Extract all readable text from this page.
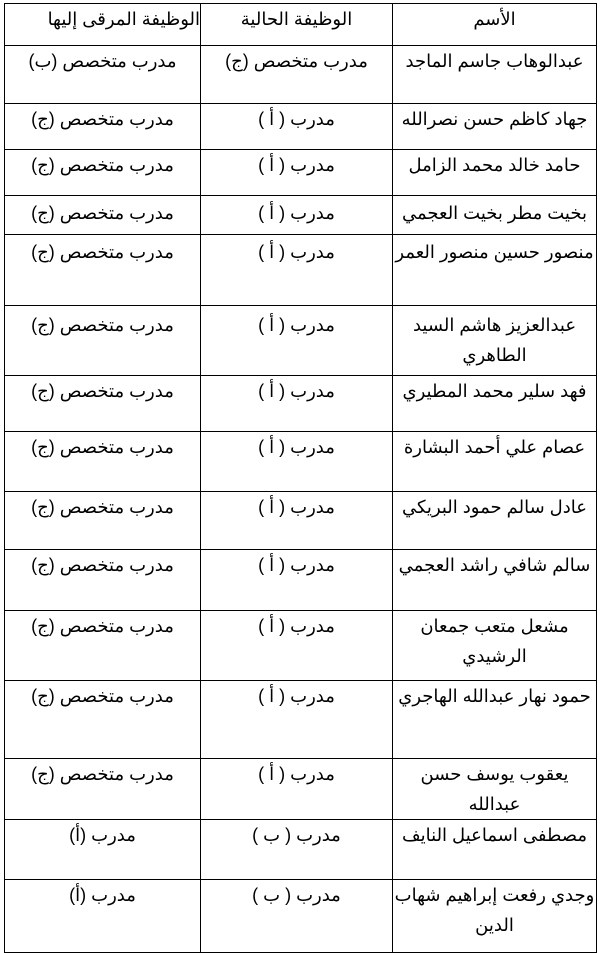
الأسم	الوظيفة الحالية	الوظيفة المرقى إليها
عبدالوهاب جاسم الماجد	مدرب متخصص (ج)	مدرب متخصص (ب)
جهاد كاظم حسن نصرالله	مدرب ( أ )	مدرب متخصص (ج)
حامد خالد محمد الزامل	مدرب ( أ )	مدرب متخصص (ج)
بخيت مطر بخيت العجمي	مدرب ( أ )	مدرب متخصص (ج)
منصور حسين منصور العمر	مدرب ( أ )	مدرب متخصص (ج)
عبدالعزيز هاشم السيد الطاهري	مدرب ( أ )	مدرب متخصص (ج)
فهد سلير محمد المطيري	مدرب ( أ )	مدرب متخصص (ج)
عصام علي أحمد البشارة	مدرب ( أ )	مدرب متخصص (ج)
عادل سالم حمود البريكي	مدرب ( أ )	مدرب متخصص (ج)
سالم شافي راشد العجمي	مدرب ( أ )	مدرب متخصص (ج)
مشعل متعب جمعان الرشيدي	مدرب ( أ )	مدرب متخصص (ج)
حمود نهار عبدالله الهاجري	مدرب ( أ )	مدرب متخصص (ج)
يعقوب يوسف حسن عبدالله	مدرب ( أ )	مدرب متخصص (ج)
مصطفى اسماعيل النايف	مدرب ( ب )	مدرب (أ)
وجدي رفعت إبراهيم شهاب الدين	مدرب ( ب )	مدرب (أ)
